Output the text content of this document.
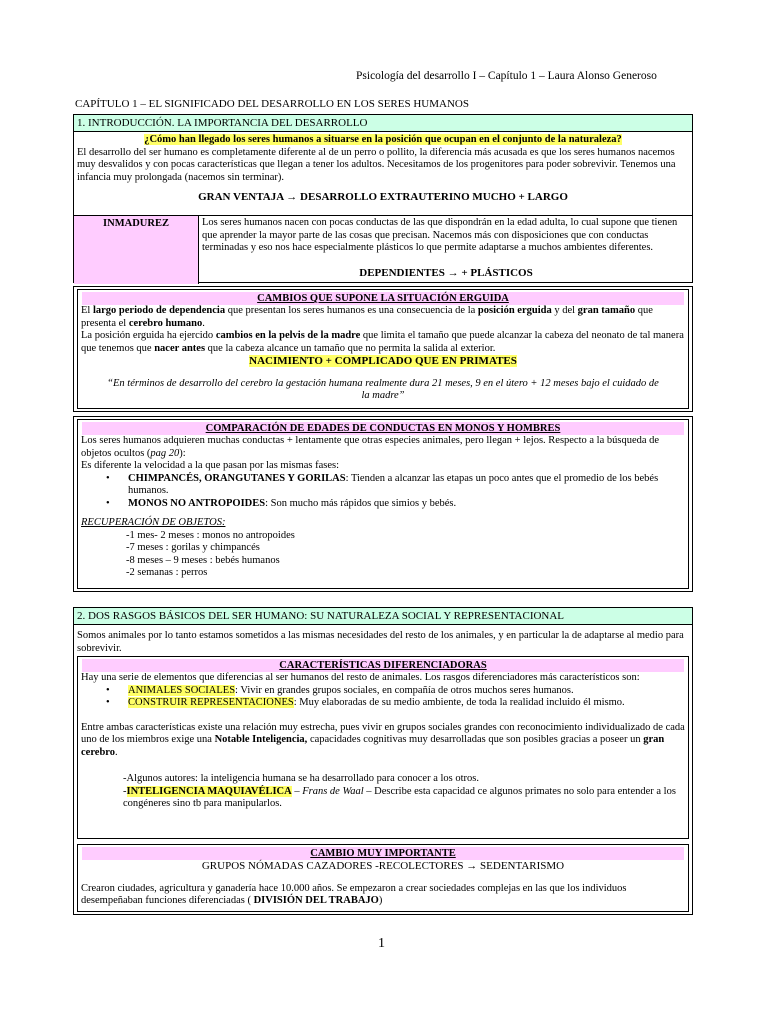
Psicología del desarrollo I – Capítulo 1 – Laura Alonso Generoso
CAPÍTULO 1 – EL SIGNIFICADO DEL DESARROLLO EN LOS SERES HUMANOS
1. INTRODUCCIÓN. LA IMPORTANCIA DEL DESARROLLO
¿Cómo han llegado los seres humanos a situarse en la posición que ocupan en el conjunto de la naturaleza?
El desarrollo del ser humano es completamente diferente al de un perro o pollito, la diferencia más acusada es que los seres humanos nacemos muy desvalidos y con pocas características que llegan a tener los adultos. Necesitamos de los progenitores para poder sobrevivir. Tenemos una infancia muy prolongada (nacemos sin terminar).
GRAN VENTAJA → DESARROLLO EXTRAUTERINO MUCHO + LARGO
INMADUREZ	Los seres humanos nacen con pocas conductas de las que dispondrán en la edad adulta, lo cual supone que tienen que aprender la mayor parte de las cosas que precisan. Nacemos más con disposiciones que con conductas terminadas y eso nos hace especialmente plásticos lo que permite adaptarse a muchos ambientes diferentes.
DEPENDIENTES → + PLÁSTICOS
CAMBIOS QUE SUPONE LA SITUACIÓN ERGUIDA
El largo periodo de dependencia que presentan los seres humanos es una consecuencia de la posición erguida y del gran tamaño que presenta el cerebro humano.
La posición erguida ha ejercido cambios en la pelvis de la madre que limita el tamaño que puede alcanzar la cabeza del neonato de tal manera que tenemos que nacer antes que la cabeza alcance un tamaño que no permita la salida al exterior.
NACIMIENTO + COMPLICADO QUE EN PRIMATES
“En términos de desarrollo del cerebro la gestación humana realmente dura 21 meses, 9 en el útero + 12 meses bajo el cuidado de la madre”
COMPARACIÓN DE EDADES DE CONDUCTAS EN MONOS Y HOMBRES
Los seres humanos adquieren muchas conductas + lentamente que otras especies animales, pero llegan + lejos. Respecto a la búsqueda de objetos ocultos (pag 20):
Es diferente la velocidad a la que pasan por las mismas fases:
• CHIMPANCÉS, ORANGUTANES Y GORILAS: Tienden a alcanzar las etapas un poco antes que el promedio de los bebés humanos.
• MONOS NO ANTROPOIDES: Son mucho más rápidos que simios y bebés.
RECUPERACIÓN DE OBJETOS:
-1 mes- 2 meses : monos no antropoides
-7 meses : gorilas y chimpancés
-8 meses – 9 meses : bebés humanos
-2 semanas : perros
2. DOS RASGOS BÁSICOS DEL SER HUMANO: SU NATURALEZA SOCIAL Y REPRESENTACIONAL
Somos animales por lo tanto estamos sometidos a las mismas necesidades del resto de los animales, y en particular la de adaptarse al medio para sobrevivir.
CARACTERÍSTICAS DIFERENCIADORAS
Hay una serie de elementos que diferencias al ser humanos del resto de animales. Los rasgos diferenciadores más característicos son:
• ANIMALES SOCIALES: Vivir en grandes grupos sociales, en compañía de otros muchos seres humanos.
• CONSTRUIR REPRESENTACIONES: Muy elaboradas de su medio ambiente, de toda la realidad incluido él mismo.
Entre ambas características existe una relación muy estrecha, pues vivir en grupos sociales grandes con reconocimiento individualizado de cada uno de los miembros exige una Notable Inteligencia, capacidades cognitivas muy desarrolladas que son posibles gracias a poseer un gran cerebro.
-Algunos autores: la inteligencia humana se ha desarrollado para conocer a los otros.
-INTELIGENCIA MAQUIAVÉLICA – Frans de Waal – Describe esta capacidad ce algunos primates no solo para entender a los congéneres sino tb para manipularlos.
CAMBIO MUY IMPORTANTE
GRUPOS NÓMADAS CAZADORES -RECOLECTORES → SEDENTARISMO
Crearon ciudades, agricultura y ganadería hace 10.000 años. Se empezaron a crear sociedades complejas en las que los individuos desempeñaban funciones diferenciadas ( DIVISIÓN DEL TRABAJO)
1
